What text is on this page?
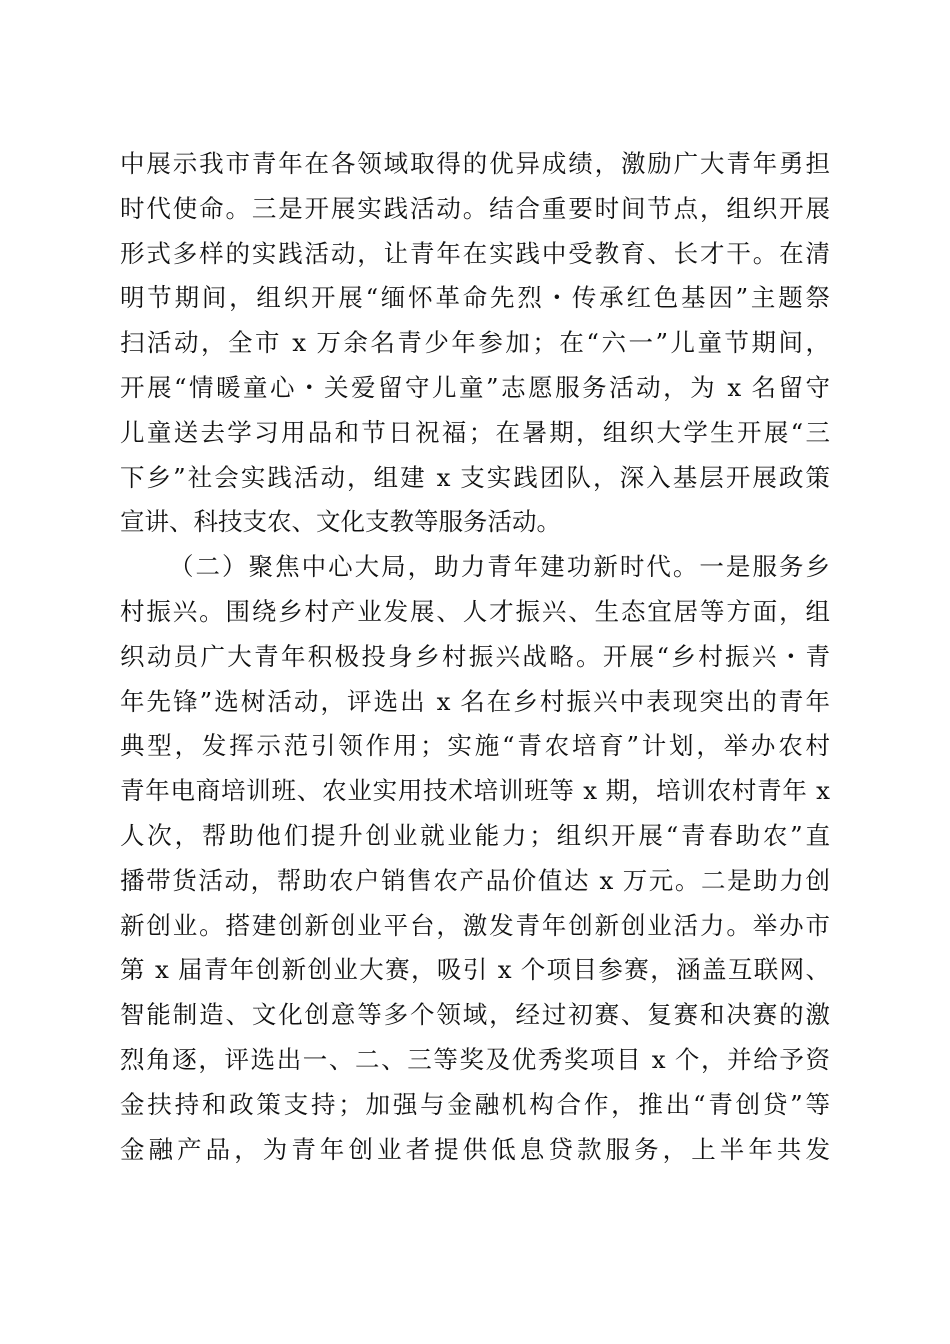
中展示我市青年在各领域取得的优异成绩，激励广大青年勇担
时代使命。三是开展实践活动。结合重要时间节点，组织开展
形式多样的实践活动，让青年在实践中受教育、长才干。在清
明节期间，组织开展“缅怀革命先烈・传承红色基因”主题祭
扫活动，全市 x 万余名青少年参加；在“六一”儿童节期间，
开展“情暖童心・关爱留守儿童”志愿服务活动，为 x 名留守
儿童送去学习用品和节日祝福；在暑期，组织大学生开展“三
下乡”社会实践活动，组建 x 支实践团队，深入基层开展政策
宣讲、科技支农、文化支教等服务活动。
（二）聚焦中心大局，助力青年建功新时代。一是服务乡
村振兴。围绕乡村产业发展、人才振兴、生态宜居等方面，组
织动员广大青年积极投身乡村振兴战略。开展“乡村振兴・青
年先锋”选树活动，评选出 x 名在乡村振兴中表现突出的青年
典型，发挥示范引领作用；实施“青农培育”计划，举办农村
青年电商培训班、农业实用技术培训班等 x 期，培训农村青年 x
人次，帮助他们提升创业就业能力；组织开展“青春助农”直
播带货活动，帮助农户销售农产品价值达 x 万元。二是助力创
新创业。搭建创新创业平台，激发青年创新创业活力。举办市
第 x 届青年创新创业大赛，吸引 x 个项目参赛，涵盖互联网、
智能制造、文化创意等多个领域，经过初赛、复赛和决赛的激
烈角逐，评选出一、二、三等奖及优秀奖项目 x 个，并给予资
金扶持和政策支持；加强与金融机构合作，推出“青创贷”等
金融产品，为青年创业者提供低息贷款服务，上半年共发
